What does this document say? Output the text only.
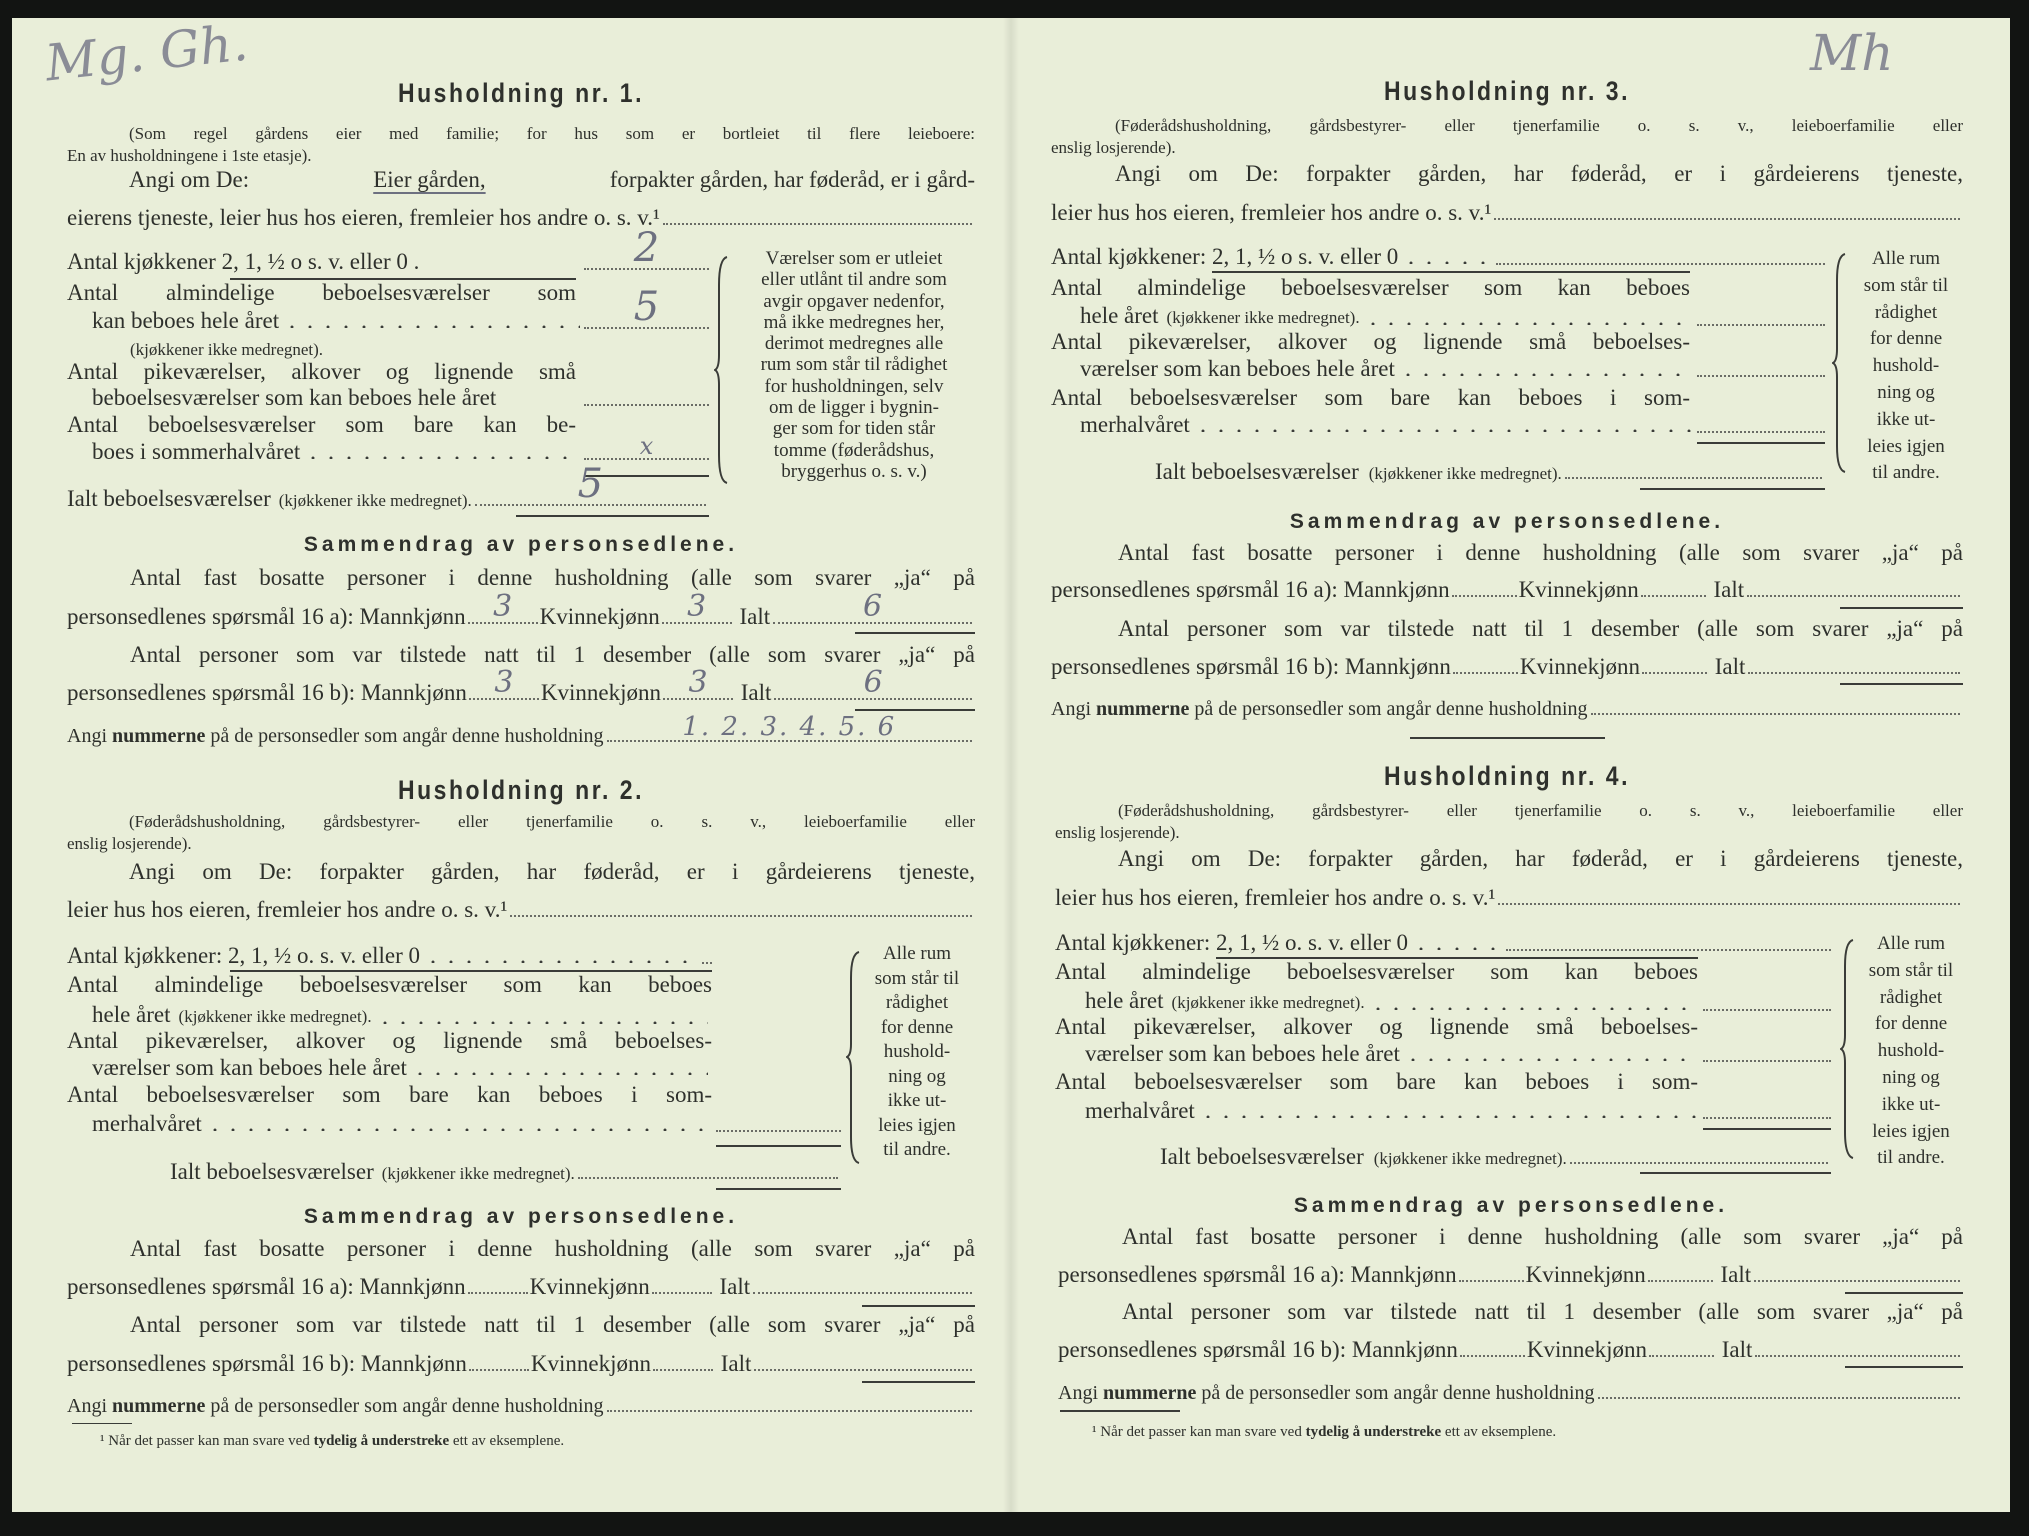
Mg. Gh.	Mh
Husholdning nr. 1.
(Som regel gårdens eier med familie; for hus som er bortleiet til flere leieboere:
En av husholdningene i 1ste etasje).
Angi om De:	Eier gården,	forpakter gården, har føderåd, er i gård-
eierens tjeneste, leier hus hos eieren, fremleier hos andre o. s. v.¹
Antal kjøkkener 2, 1, ½ o s. v. eller 0 .	2
Antal almindelige beboelsesværelser som
kan beboes hele året	5
(kjøkkener ikke medregnet).
Antal pikeværelser, alkover og lignende små
beboelsesværelser som kan beboes hele året
Antal beboelsesværelser som bare kan be-
boes i sommerhalvåret	x
Ialt beboelsesværelser (kjøkkener ikke medregnet).	5
Værelser som er utleiet
eller utlånt til andre som
avgir opgaver nedenfor,
må ikke medregnes her,
derimot medregnes alle
rum som står til rådighet
for husholdningen, selv
om de ligger i bygnin-
ger som for tiden står
tomme (føderådshus,
bryggerhus o. s. v.)
Sammendrag av personsedlene.
Antal fast bosatte personer i denne husholdning (alle som svarer „ja“ på
personsedlenes spørsmål 16 a):
Mannkjønn 3 Kvinnekjønn 3
Ialt	6
Antal personer som var tilstede natt til 1 desember (alle som svarer „ja“ på
personsedlenes spørsmål 16 b):
Mannkjønn 3 Kvinnekjønn 3
Ialt	6
Angi
nummerne
på de personsedler som angår denne husholdning	1. 2. 3. 4. 5. 6
Husholdning nr. 2.
(Føderådshusholdning, gårdsbestyrer- eller tjenerfamilie o. s. v., leieboerfamilie eller
enslig losjerende).
Angi om De: forpakter gården, har føderåd, er i gårdeierens tjeneste,
leier hus hos eieren, fremleier hos andre o. s. v.¹
Antal kjøkkener: 2, 1, ½ o. s. v. eller 0
Antal almindelige beboelsesværelser som kan beboes
hele året (kjøkkener ikke medregnet).
Antal pikeværelser, alkover og lignende små beboelses-
værelser som kan beboes hele året
Antal beboelsesværelser som bare kan beboes i som-
merhalvåret
Ialt beboelsesværelser (kjøkkener ikke medregnet).
Alle rum
som står til
rådighet
for denne
hushold-
ning og
ikke ut-
leies igjen
til andre.
Sammendrag av personsedlene.
Antal fast bosatte personer i denne husholdning (alle som svarer „ja“ på
personsedlenes spørsmål 16 a):
Mannkjønn	Kvinnekjønn
	Ialt
Antal personer som var tilstede natt til 1 desember (alle som svarer „ja“ på
personsedlenes spørsmål 16 b):
Mannkjønn	Kvinnekjønn
	Ialt
Angi
nummerne
på de personsedler som angår denne husholdning
¹
Når det passer kan man svare ved
tydelig å understreke
ett av eksemplene.
Husholdning nr. 3.
(Føderådshusholdning, gårdsbestyrer- eller tjenerfamilie o. s. v., leieboerfamilie eller
enslig losjerende).
Angi om De: forpakter gården, har føderåd, er i gårdeierens tjeneste,
leier hus hos eieren, fremleier hos andre o. s. v.¹
Antal kjøkkener: 2, 1, ½ o s. v. eller 0
Antal almindelige beboelsesværelser som kan beboes
hele året (kjøkkener ikke medregnet).
Antal pikeværelser, alkover og lignende små beboelses-
værelser som kan beboes hele året
Antal beboelsesværelser som bare kan beboes i som-
merhalvåret
Ialt beboelsesværelser (kjøkkener ikke medregnet).
Alle rum
som står til
rådighet
for denne
hushold-
ning og
ikke ut-
leies igjen
til andre.
Sammendrag av personsedlene.
Antal fast bosatte personer i denne husholdning (alle som svarer „ja“ på
personsedlenes spørsmål 16 a):
Mannkjønn	Kvinnekjønn
	Ialt
Antal personer som var tilstede natt til 1 desember (alle som svarer „ja“ på
personsedlenes spørsmål 16 b):
Mannkjønn	Kvinnekjønn
	Ialt
Angi
nummerne
på de personsedler som angår denne husholdning
Husholdning nr. 4.
(Føderådshusholdning, gårdsbestyrer- eller tjenerfamilie o. s. v., leieboerfamilie eller
enslig losjerende).
Angi om De: forpakter gården, har føderåd, er i gårdeierens tjeneste,
leier hus hos eieren, fremleier hos andre o. s. v.¹
Antal kjøkkener: 2, 1, ½ o. s. v. eller 0
Antal almindelige beboelsesværelser som kan beboes
hele året (kjøkkener ikke medregnet).
Antal pikeværelser, alkover og lignende små beboelses-
værelser som kan beboes hele året
Antal beboelsesværelser som bare kan beboes i som-
merhalvåret
Ialt beboelsesværelser (kjøkkener ikke medregnet).
Alle rum
som står til
rådighet
for denne
hushold-
ning og
ikke ut-
leies igjen
til andre.
Sammendrag av personsedlene.
Antal fast bosatte personer i denne husholdning (alle som svarer „ja“ på
personsedlenes spørsmål 16 a):
Mannkjønn	Kvinnekjønn
	Ialt
Antal personer som var tilstede natt til 1 desember (alle som svarer „ja“ på
personsedlenes spørsmål 16 b):
Mannkjønn	Kvinnekjønn
	Ialt
Angi
nummerne
på de personsedler som angår denne husholdning
¹
Når det passer kan man svare ved
tydelig å understreke
ett av eksemplene.
